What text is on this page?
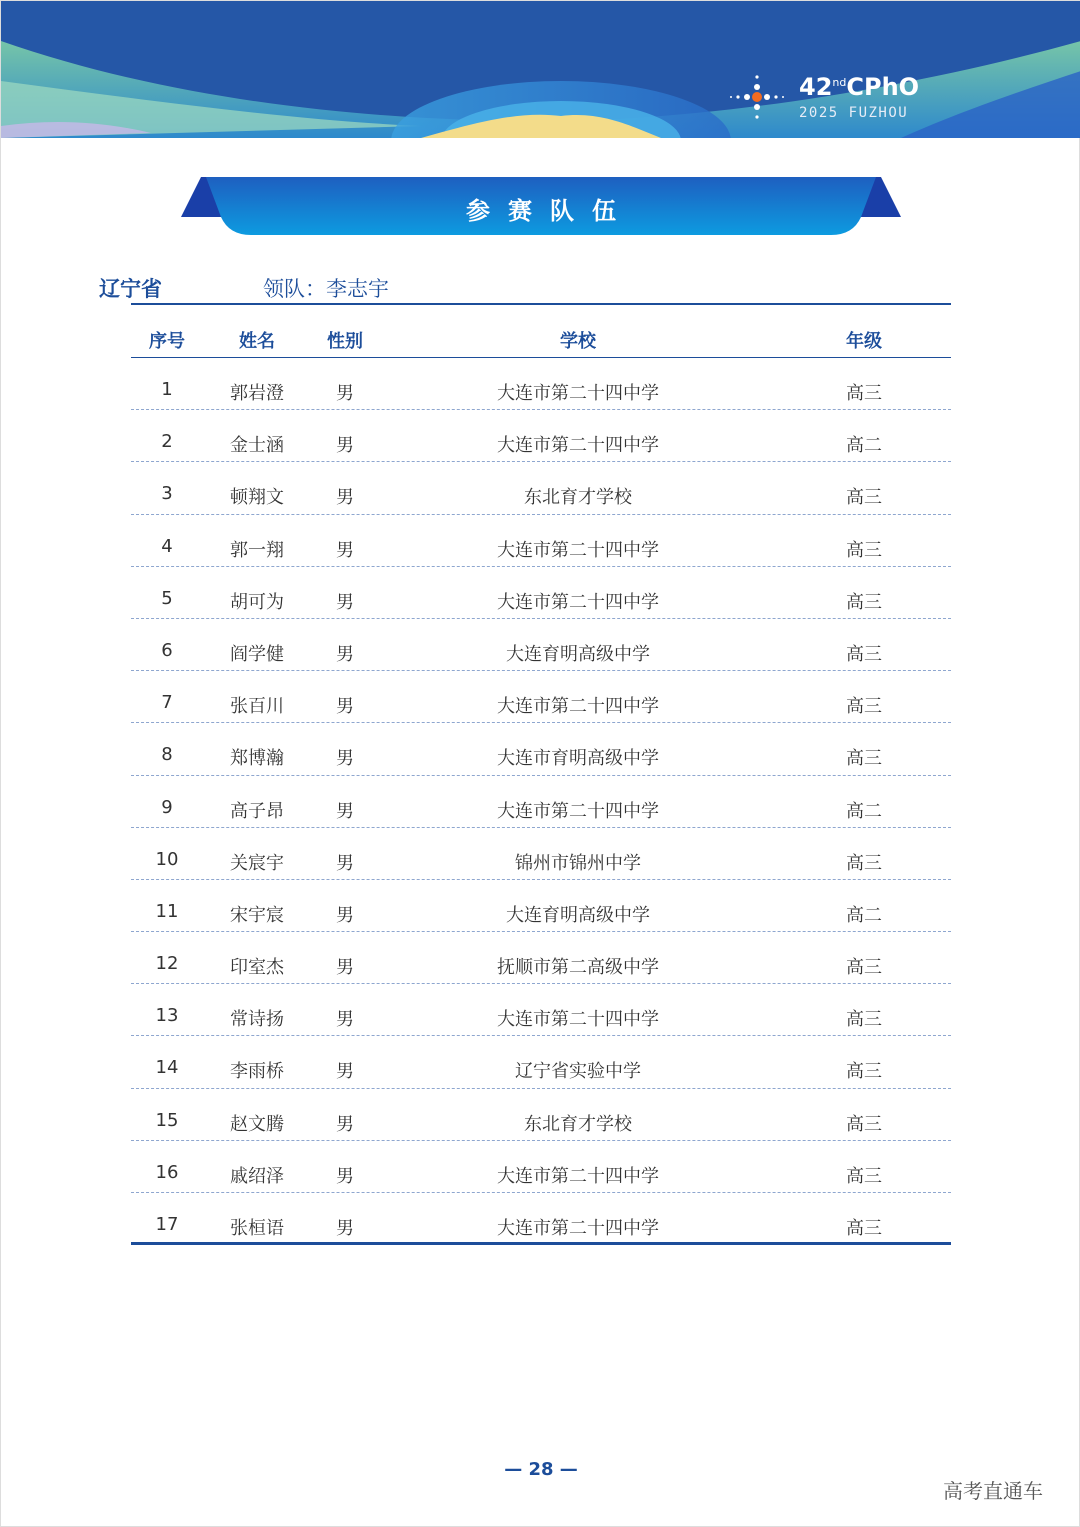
42ndCPhO
2025 FUZHOU
参赛队伍
辽宁省	领队：李志宇
序号	姓名	性别	学校	年级
1	郭岩澄	男	大连市第二十四中学	高三
2	金士涵	男	大连市第二十四中学	高二
3	顿翔文	男	东北育才学校	高三
4	郭一翔	男	大连市第二十四中学	高三
5	胡可为	男	大连市第二十四中学	高三
6	阎学健	男	大连育明高级中学	高三
7	张百川	男	大连市第二十四中学	高三
8	郑博瀚	男	大连市育明高级中学	高三
9	高子昂	男	大连市第二十四中学	高二
10	关宸宇	男	锦州市锦州中学	高三
11	宋宇宸	男	大连育明高级中学	高二
12	印室杰	男	抚顺市第二高级中学	高三
13	常诗扬	男	大连市第二十四中学	高三
14	李雨桥	男	辽宁省实验中学	高三
15	赵文腾	男	东北育才学校	高三
16	戚绍泽	男	大连市第二十四中学	高三
17	张桓语	男	大连市第二十四中学	高三
— 28 —
高考直通车
